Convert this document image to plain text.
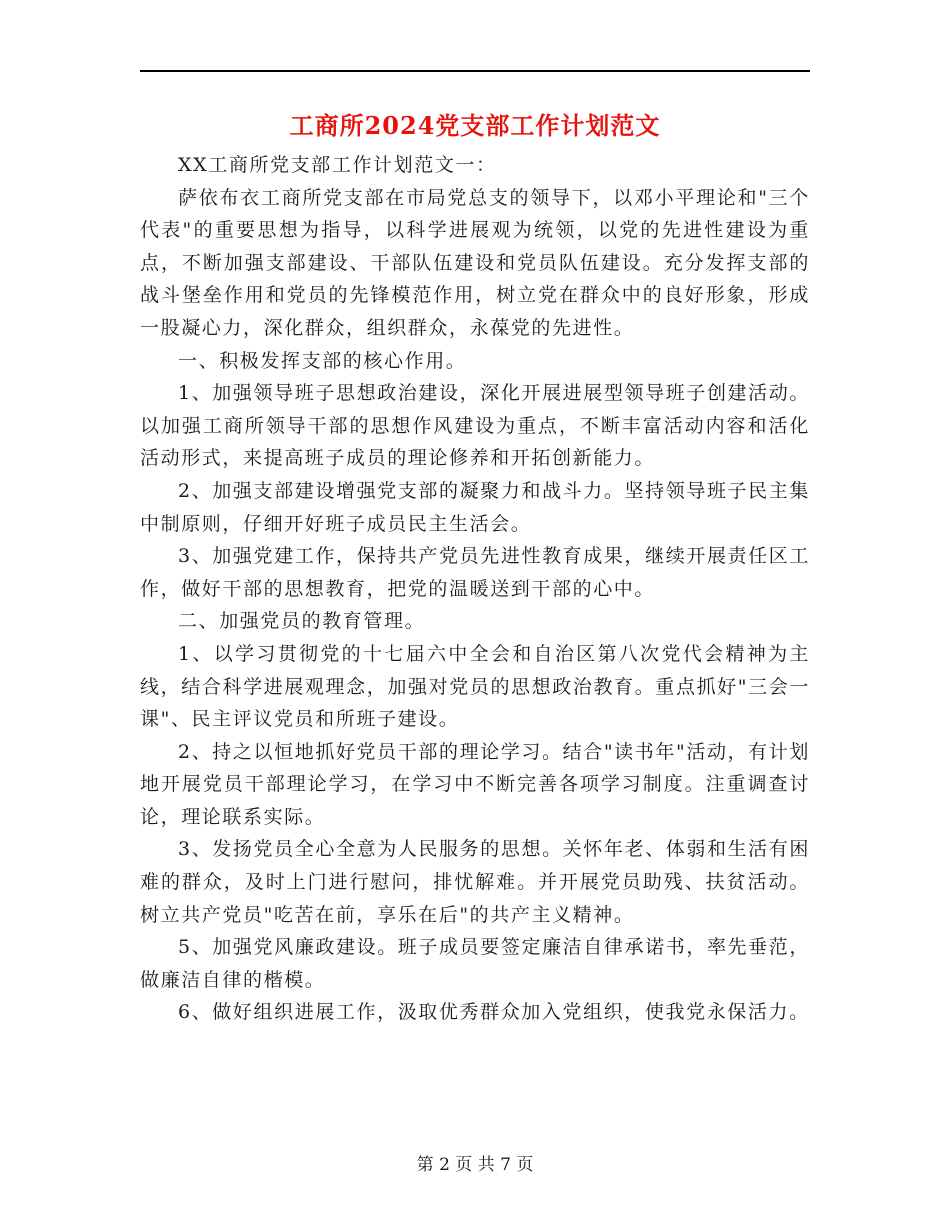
工商所2024党支部工作计划范文

XX工商所党支部工作计划范文一：

萨依布衣工商所党支部在市局党总支的领导下，以邓小平理论和"三个代表"的重要思想为指导，以科学进展观为统领，以党的先进性建设为重点，不断加强支部建设、干部队伍建设和党员队伍建设。充分发挥支部的战斗堡垒作用和党员的先锋模范作用，树立党在群众中的良好形象，形成一股凝心力，深化群众，组织群众，永葆党的先进性。

一、积极发挥支部的核心作用。

1、加强领导班子思想政治建设，深化开展进展型领导班子创建活动。以加强工商所领导干部的思想作风建设为重点，不断丰富活动内容和活化活动形式，来提高班子成员的理论修养和开拓创新能力。

2、加强支部建设增强党支部的凝聚力和战斗力。坚持领导班子民主集中制原则，仔细开好班子成员民主生活会。

3、加强党建工作，保持共产党员先进性教育成果，继续开展责任区工作，做好干部的思想教育，把党的温暖送到干部的心中。

二、加强党员的教育管理。

1、以学习贯彻党的十七届六中全会和自治区第八次党代会精神为主线，结合科学进展观理念，加强对党员的思想政治教育。重点抓好"三会一课"、民主评议党员和所班子建设。

2、持之以恒地抓好党员干部的理论学习。结合"读书年"活动，有计划地开展党员干部理论学习，在学习中不断完善各项学习制度。注重调查讨论，理论联系实际。

3、发扬党员全心全意为人民服务的思想。关怀年老、体弱和生活有困难的群众，及时上门进行慰问，排忧解难。并开展党员助残、扶贫活动。树立共产党员"吃苦在前，享乐在后"的共产主义精神。

5、加强党风廉政建设。班子成员要签定廉洁自律承诺书，率先垂范，做廉洁自律的楷模。

6、做好组织进展工作，汲取优秀群众加入党组织，使我党永保活力。

第 2 页 共 7 页
